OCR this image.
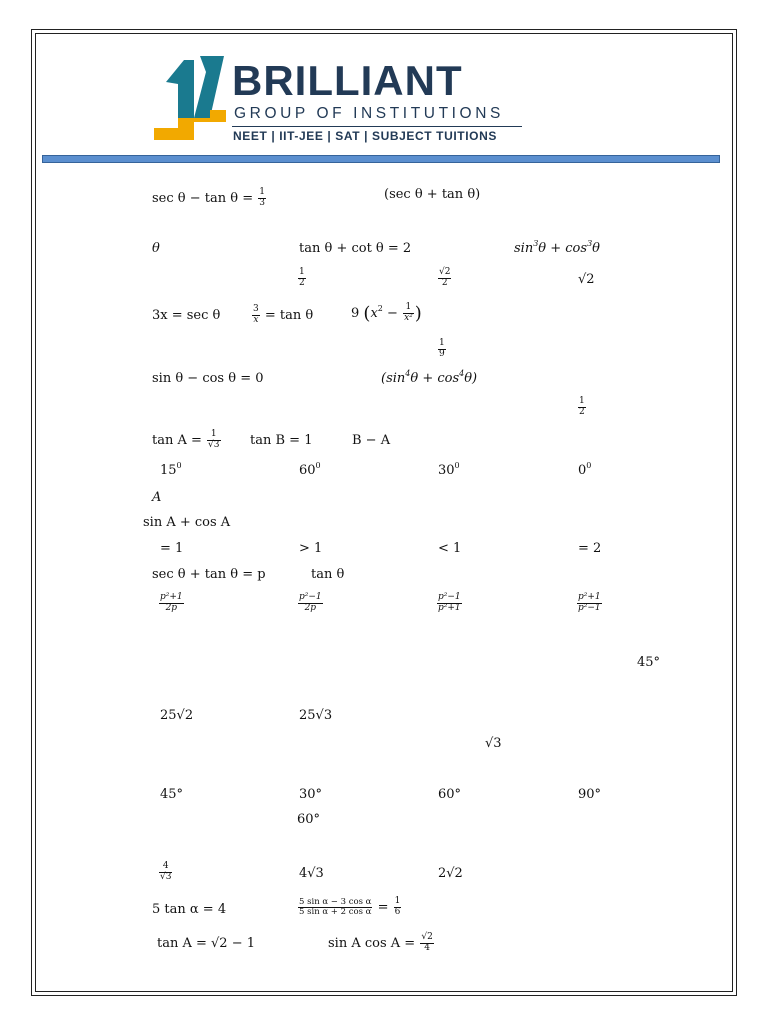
BRILLIANT
GROUP OF INSTITUTIONS
NEET | IIT-JEE | SAT | SUBJECT TUITIONS
$\sec \theta - \tan \theta = \frac{1}{3}$	(sec θ + tan θ)
θ	tan θ + cot θ = 2	$\sin^3\theta + \cos^3\theta$
$\frac{1}{2}$	$\frac{√2}{2}$	√2
3x = sec θ	$\frac{3}{x} = \tan \theta$	9 ($x^2 - \frac{1}{\text{x²}}$ )
$\frac{1}{9}$
sin θ − cos θ = 0	$(\sin^4\theta + \cos^4\theta)$
$\frac{1}{2}$
$\tan A = \frac{1}{√3}$ tan B = 1	B − A
$15^0$	$60^0$	$30^0$	$0^0$
A
sin A + cos A
= 1	> 1	< 1	= 2
sec θ + tan θ = p	tan θ
$\frac{\text{p²+1}}{2p}$	$\frac{\text{p²−1}}{2p}$	$\frac{\text{p²−1}}{\text{p²+1}}$	$\frac{\text{p²+1}}{\text{p²−1}}$
45°
25√2	25√3
√3
45°	30°	60°	90°
60°
$\frac{4}{√3}$	4√3	2√2
5 tan α = 4	$\frac{\text{5 sin α − 3 cos α}}{\text{5 sin α + 2 cos α}} = \frac{1}{6}$
tan A = √2 − 1	sin A $\cos A = \frac{√2}{4}$
